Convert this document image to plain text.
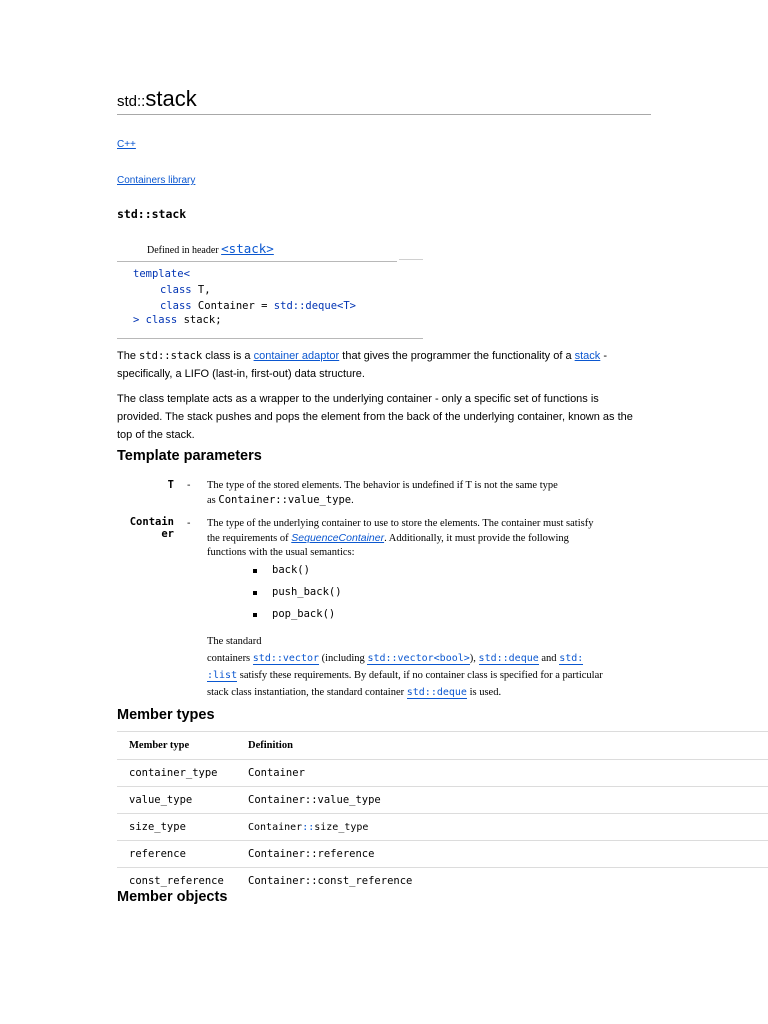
std::stack
C++
Containers library
std::stack
Defined in header <stack>
template<
class T,
class Container = std::deque<T>
> class stack;
The std::stack class is a container adaptor that gives the programmer the functionality of a stack -
specifically, a LIFO (last-in, first-out) data structure.
The class template acts as a wrapper to the underlying container - only a specific set of functions is
provided. The stack pushes and pops the element from the back of the underlying container, known as the
top of the stack.
Template parameters
T - The type of the stored elements. The behavior is undefined if T is not the same type
as Container::value_type.
Contain
er
- The type of the underlying container to use to store the elements. The container must satisfy
the requirements of SequenceContainer. Additionally, it must provide the following
functions with the usual semantics:
back()
push_back()
pop_back()
The standard
containers std::vector (including std::vector<bool>), std::deque and std:
:list satisfy these requirements. By default, if no container class is specified for a particular
stack class instantiation, the standard container std::deque is used.
Member types
Member type	Definition
container_type	Container
value_type	Container::value_type
size_type	Container::size_type
reference	Container::reference
const_reference	Container::const_reference
Member objects
